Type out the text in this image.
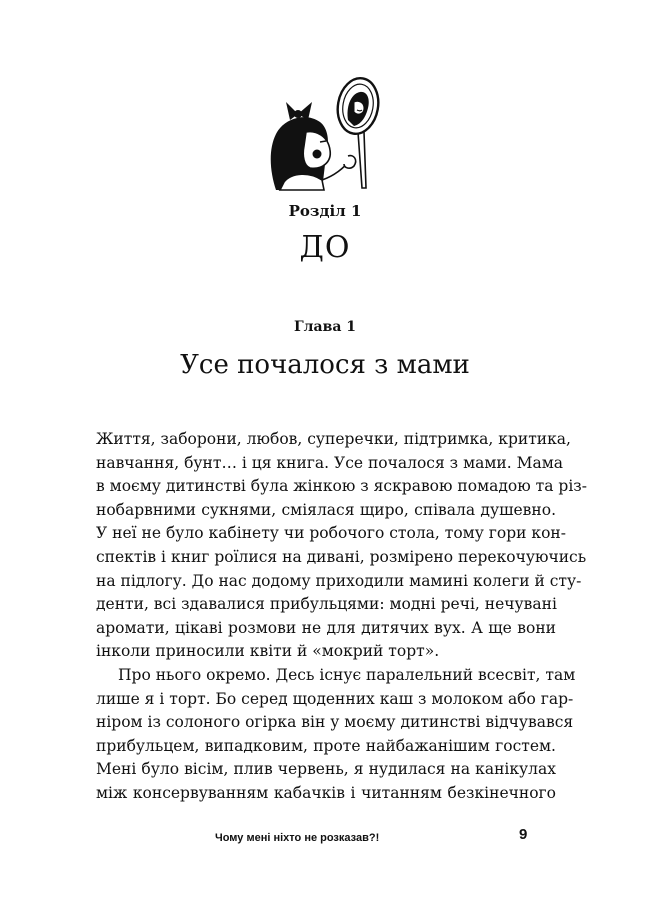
Розділ 1
ДО
Глава 1
Усе почалося з мами

Життя, заборони, любов, суперечки, підтримка, критика,
навчання, бунт… і ця книга. Усе почалося з мами. Мама
в моєму дитинстві була жінкою з яскравою помадою та різ-
нобарвними сукнями, сміялася щиро, співала душевно.
У неї не було кабінету чи робочого стола, тому гори кон-
спектів і книг роїлися на дивані, розмірено перекочуючись
на підлогу. До нас додому приходили мамині колеги й сту-
денти, всі здавалися прибульцями: модні речі, нечувані
аромати, цікаві розмови не для дитячих вух. А ще вони
інколи приносили квіти й «мокрий торт».

Про нього окремо. Десь існує паралельний всесвіт, там
лише я і торт. Бо серед щоденних каш з молоком або гар-
ніром із солоного огірка він у моєму дитинстві відчувався
прибульцем, випадковим, проте найбажанішим гостем.
Мені було вісім, плив червень, я нудилася на канікулах
між консервуванням кабачків і читанням безкінечного

Чому мені ніхто не розказав?!	9
